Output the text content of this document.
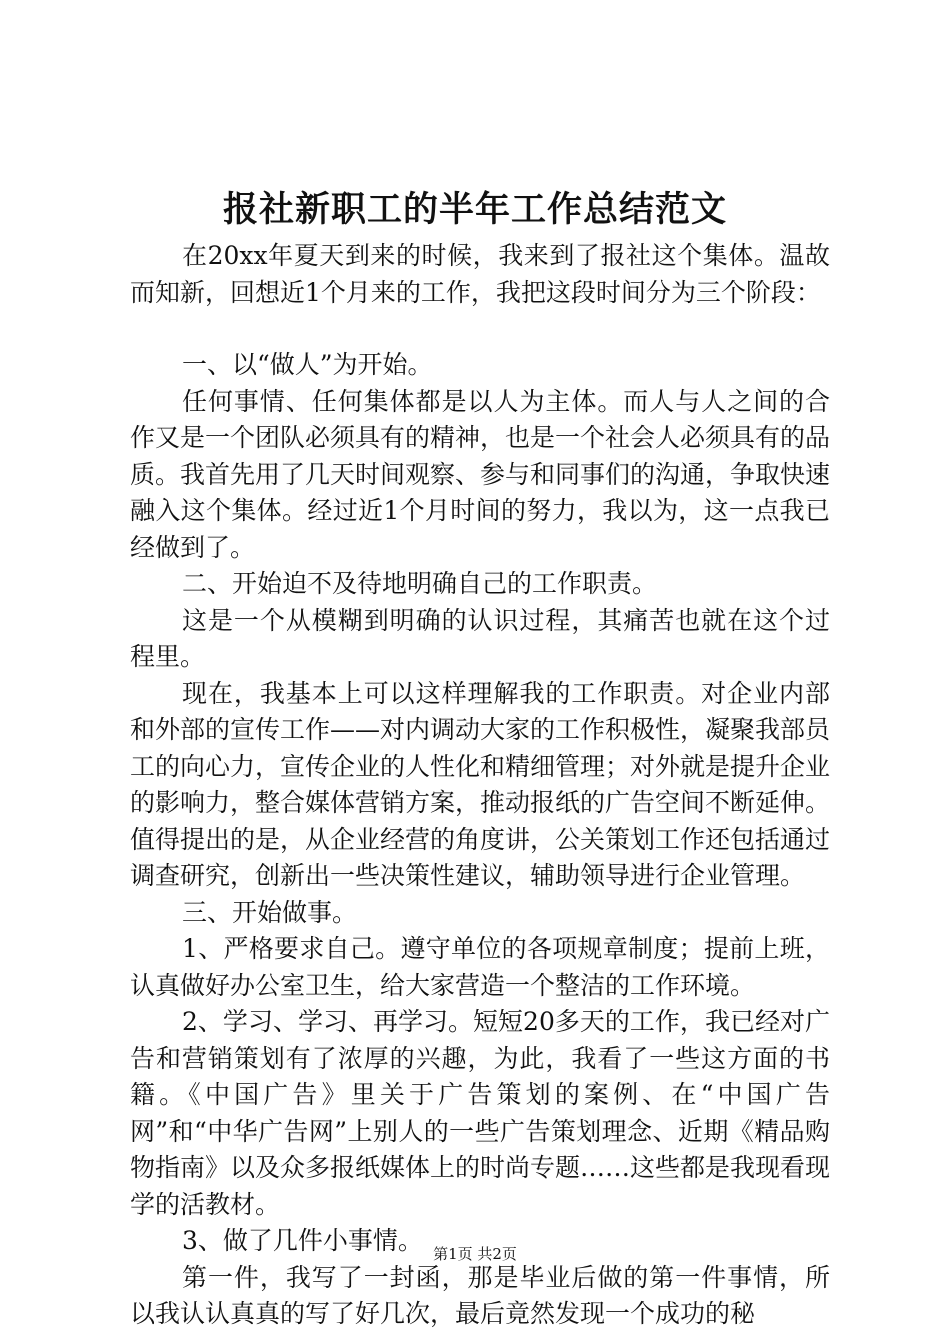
报社新职工的半年工作总结范文

在20xx年夏天到来的时候，我来到了报社这个集体。温故而知新，回想近1个月来的工作，我把这段时间分为三个阶段：

一、以“做人”为开始。

任何事情、任何集体都是以人为主体。而人与人之间的合作又是一个团队必须具有的精神，也是一个社会人必须具有的品质。我首先用了几天时间观察、参与和同事们的沟通，争取快速融入这个集体。经过近1个月时间的努力，我以为，这一点我已经做到了。

二、开始迫不及待地明确自己的工作职责。

这是一个从模糊到明确的认识过程，其痛苦也就在这个过程里。

现在，我基本上可以这样理解我的工作职责。对企业内部和外部的宣传工作——对内调动大家的工作积极性，凝聚我部员工的向心力，宣传企业的人性化和精细管理；对外就是提升企业的影响力，整合媒体营销方案，推动报纸的广告空间不断延伸。值得提出的是，从企业经营的角度讲，公关策划工作还包括通过调查研究，创新出一些决策性建议，辅助领导进行企业管理。

三、开始做事。

1、严格要求自己。遵守单位的各项规章制度；提前上班，认真做好办公室卫生，给大家营造一个整洁的工作环境。

2、学习、学习、再学习。短短20多天的工作，我已经对广告和营销策划有了浓厚的兴趣，为此，我看了一些这方面的书籍。《中国广告》里关于广告策划的案例、在“中国广告网”和“中华广告网”上别人的一些广告策划理念、近期《精品购物指南》以及众多报纸媒体上的时尚专题……这些都是我现看现学的活教材。

3、做了几件小事情。

第一件，我写了一封函，那是毕业后做的第一件事情，所以我认认真真的写了好几次，最后竟然发现一个成功的秘

第1页 共2页
